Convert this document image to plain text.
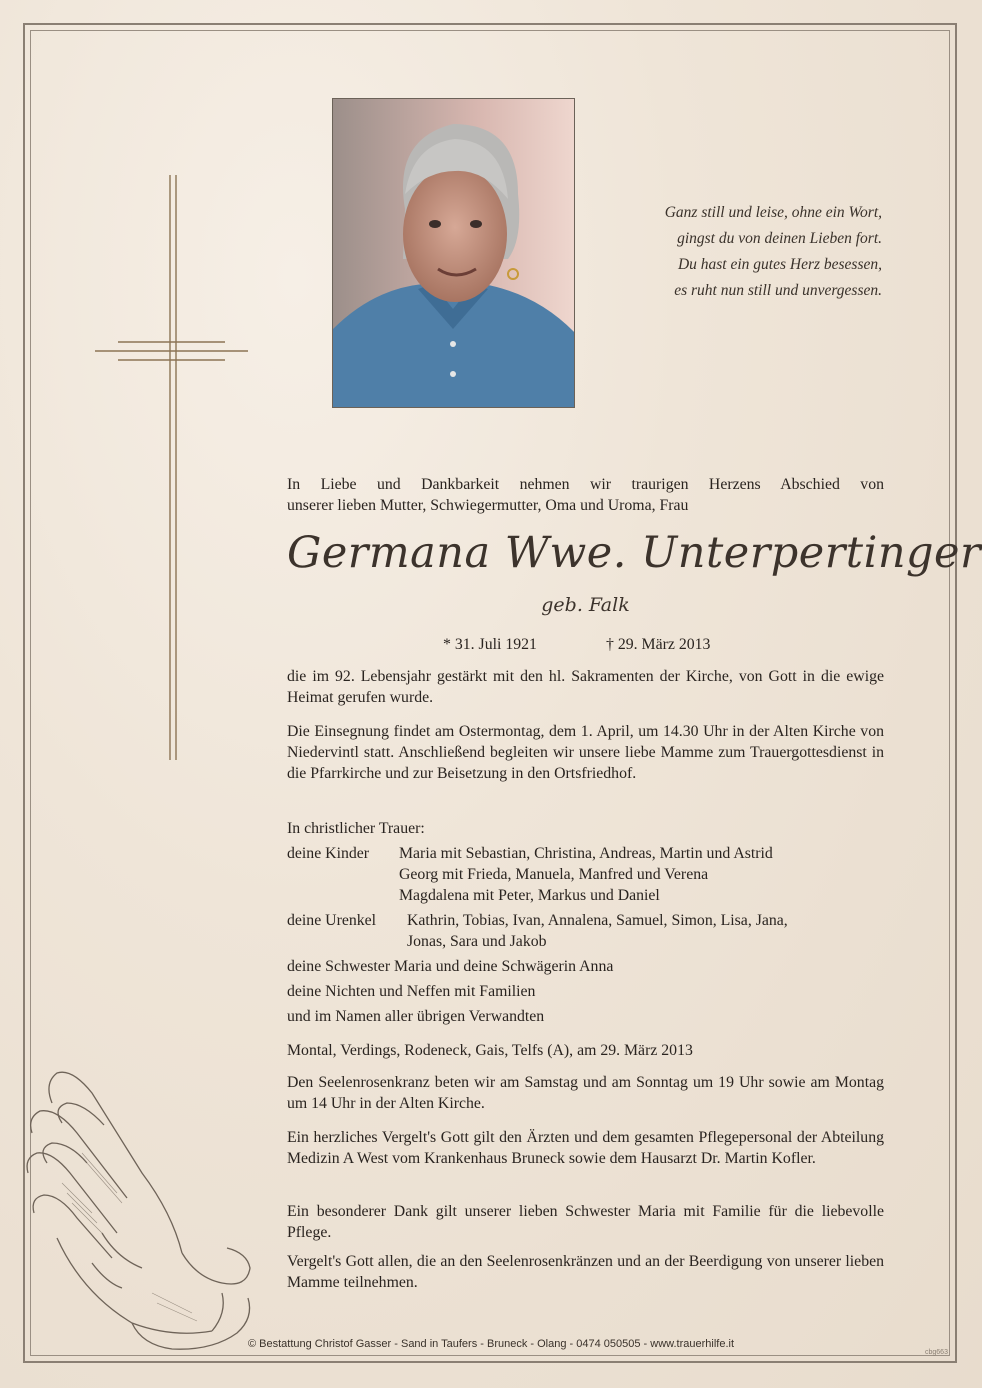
Ganz still und leise, ohne ein Wort,
gingst du von deinen Lieben fort.
Du hast ein gutes Herz besessen,
es ruht nun still und unvergessen.
In Liebe und Dankbarkeit nehmen wir traurigen Herzens Abschied von
unserer lieben Mutter, Schwiegermutter, Oma und Uroma, Frau
Germana Wwe. Unterpertinger
geb. Falk
* 31. Juli 1921	† 29. März 2013
die im 92. Lebensjahr gestärkt mit den hl. Sakramenten der Kirche, von Gott in die ewige Heimat gerufen wurde.
Die Einsegnung findet am Ostermontag, dem 1. April, um 14.30 Uhr in der Alten Kirche von Niedervintl statt. Anschließend begleiten wir unsere liebe Mamme zum Trauergottesdienst in die Pfarrkirche und zur Beisetzung in den Ortsfriedhof.
In christlicher Trauer:
deine Kinder Maria mit Sebastian, Christina, Andreas, Martin und Astrid
Georg mit Frieda, Manuela, Manfred und Verena
Magdalena mit Peter, Markus und Daniel
deine Urenkel Kathrin, Tobias, Ivan, Annalena, Samuel, Simon, Lisa, Jana,
Jonas, Sara und Jakob
deine Schwester Maria und deine Schwägerin Anna
deine Nichten und Neffen mit Familien
und im Namen aller übrigen Verwandten
Montal, Verdings, Rodeneck, Gais, Telfs (A), am 29. März 2013
Den Seelenrosenkranz beten wir am Samstag und am Sonntag um 19 Uhr sowie am Montag um 14 Uhr in der Alten Kirche.
Ein herzliches Vergelt's Gott gilt den Ärzten und dem gesamten Pflegepersonal der Abteilung Medizin A West vom Krankenhaus Bruneck sowie dem Hausarzt Dr. Martin Kofler.
Ein besonderer Dank gilt unserer lieben Schwester Maria mit Familie für die liebevolle Pflege.
Vergelt's Gott allen, die an den Seelenrosenkränzen und an der Beerdigung von unserer lieben Mamme teilnehmen.
© Bestattung Christof Gasser - Sand in Taufers - Bruneck - Olang - 0474 050505 - www.trauerhilfe.it
cbg663
